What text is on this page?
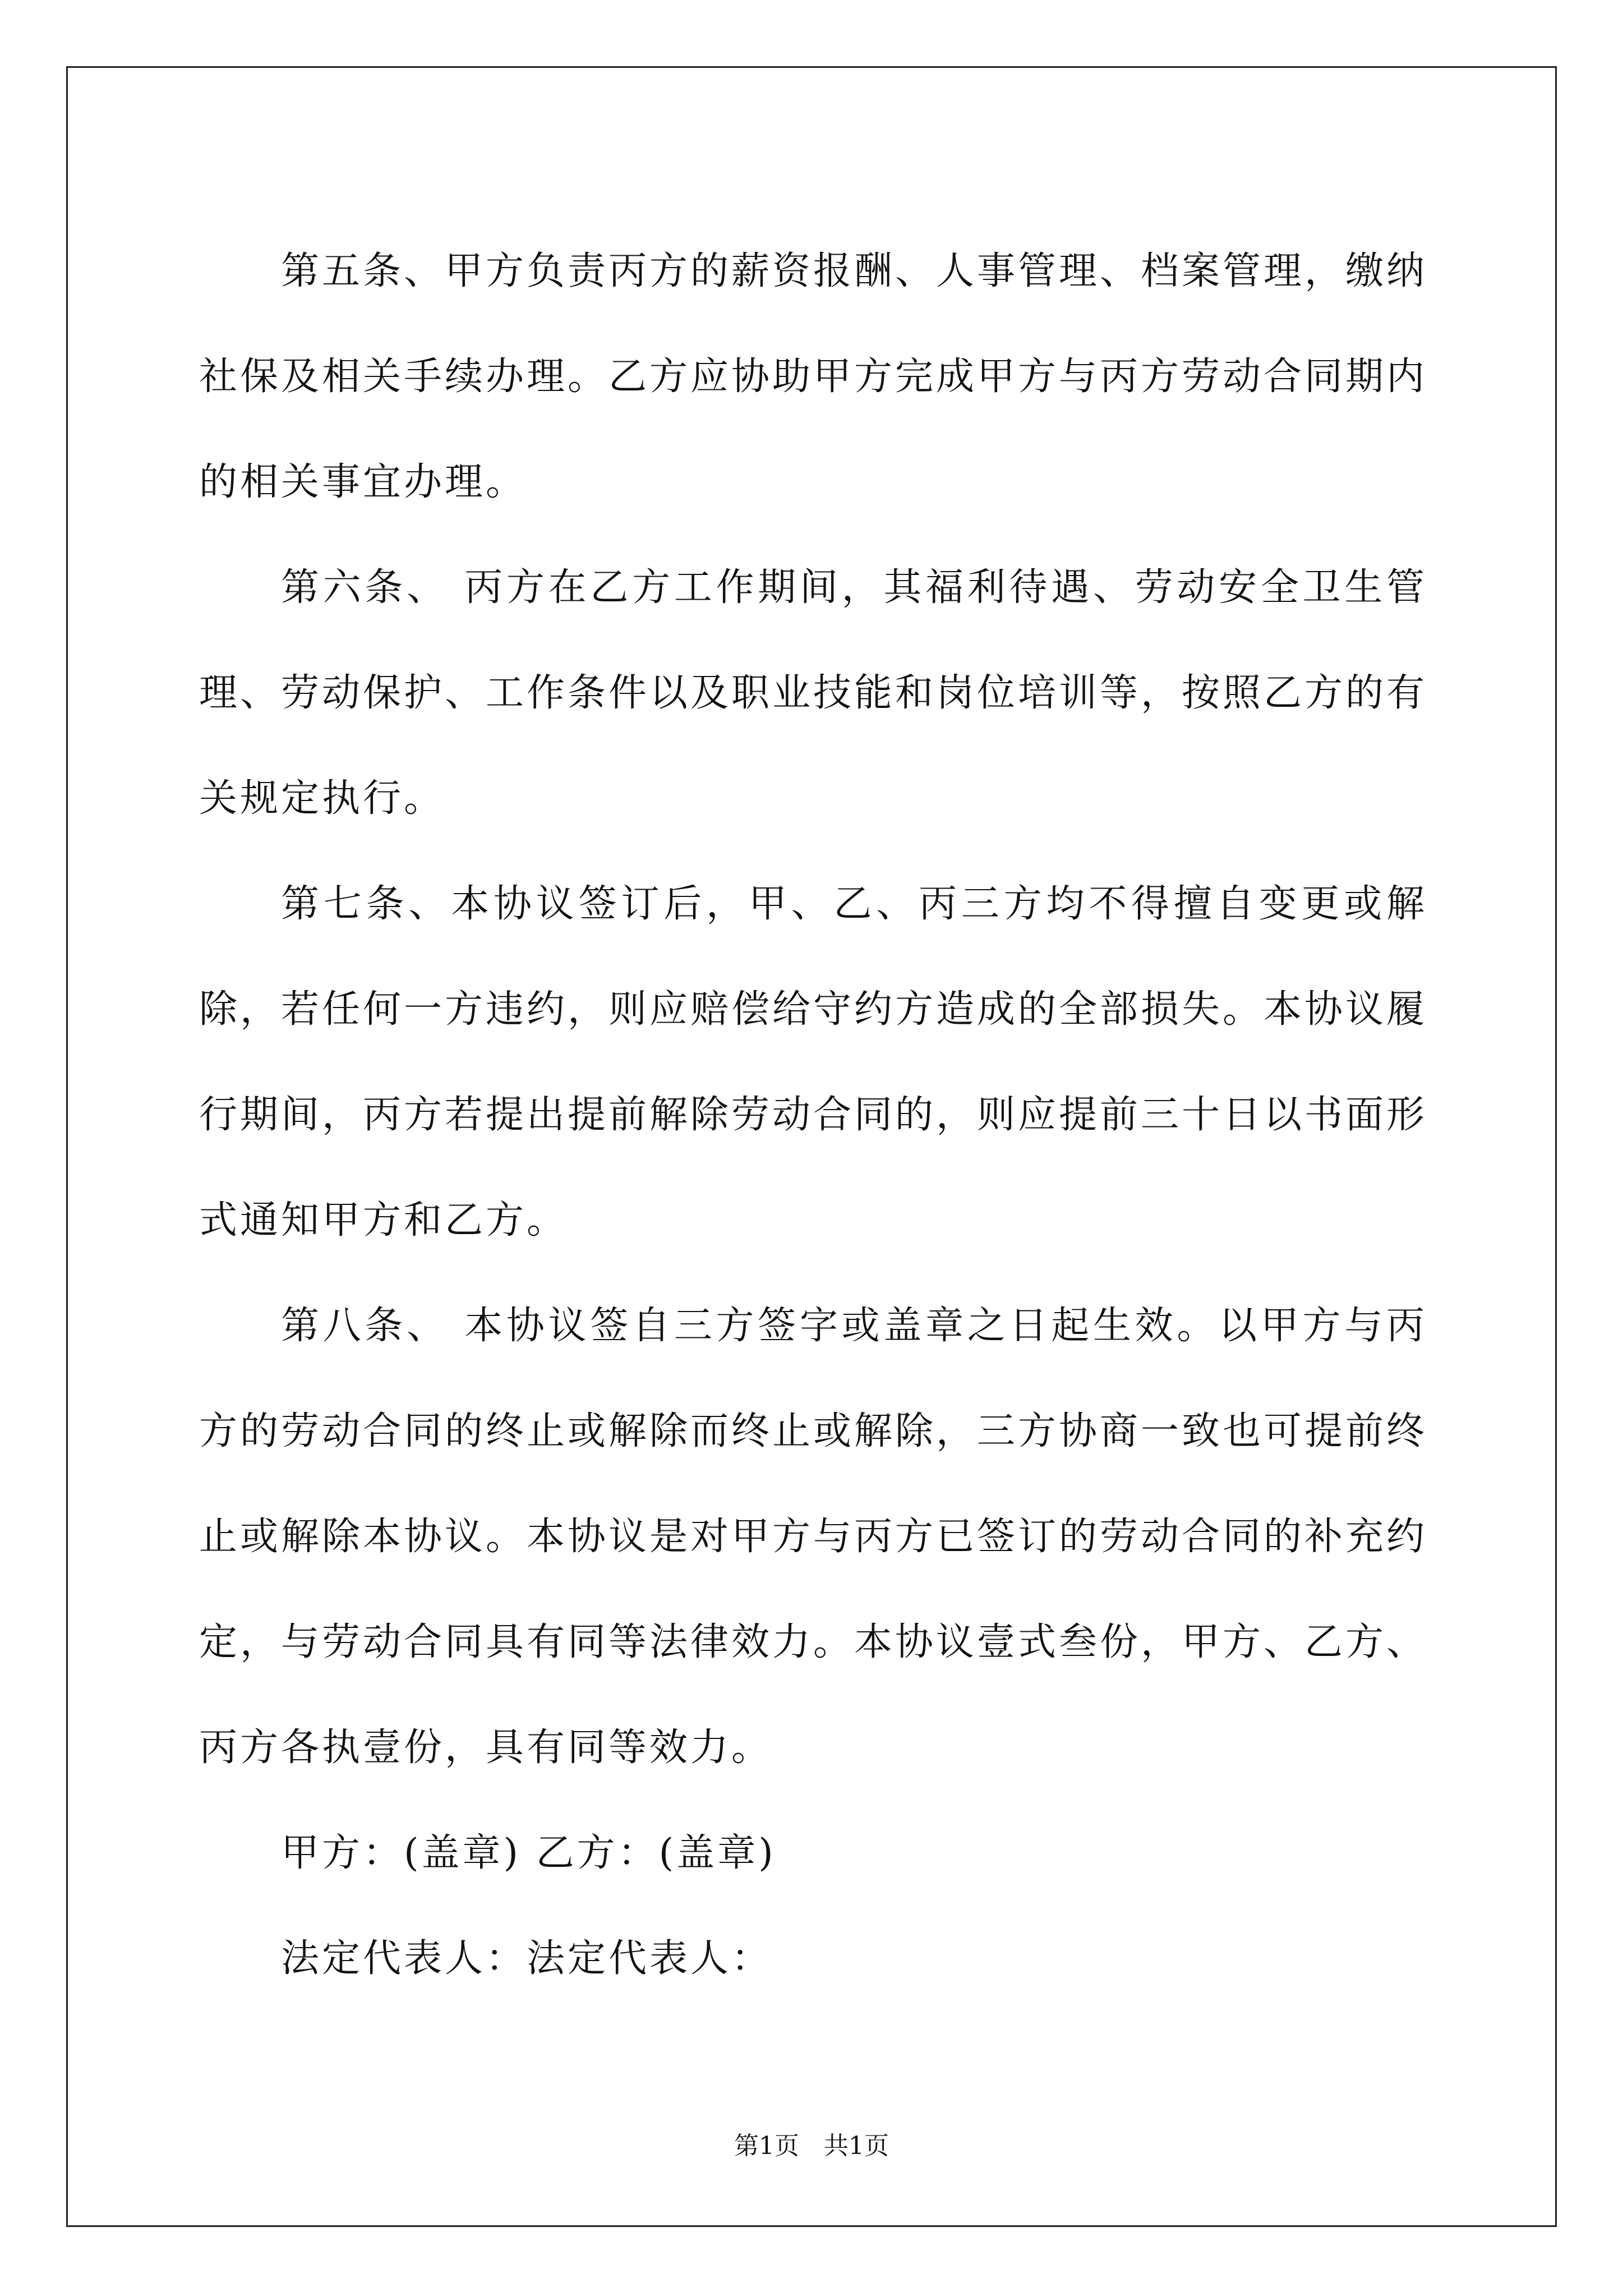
第五条、甲方负责丙方的薪资报酬、人事管理、档案管理，缴纳社保及相关手续办理。乙方应协助甲方完成甲方与丙方劳动合同期内的相关事宜办理。

第六条、 丙方在乙方工作期间，其福利待遇、劳动安全卫生管理、劳动保护、工作条件以及职业技能和岗位培训等，按照乙方的有关规定执行。

第七条、本协议签订后，甲、乙、丙三方均不得擅自变更或解除，若任何一方违约，则应赔偿给守约方造成的全部损失。本协议履行期间，丙方若提出提前解除劳动合同的，则应提前三十日以书面形式通知甲方和乙方。

第八条、 本协议签自三方签字或盖章之日起生效。以甲方与丙方的劳动合同的终止或解除而终止或解除，三方协商一致也可提前终止或解除本协议。本协议是对甲方与丙方已签订的劳动合同的补充约定，与劳动合同具有同等法律效力。本协议壹式叁份，甲方、乙方、丙方各执壹份，具有同等效力。

甲方：(盖章) 乙方：(盖章)

法定代表人：法定代表人：

第1页　共1页
